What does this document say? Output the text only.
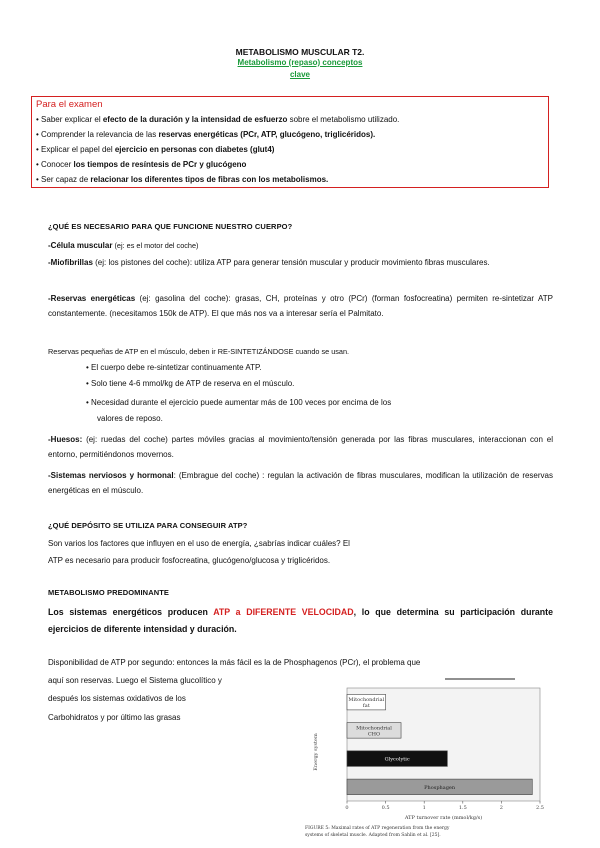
METABOLISMO MUSCULAR T2.
Metabolismo (repaso) conceptos
clave
Para el examen
• Saber explicar el efecto de la duración y la intensidad de esfuerzo sobre el metabolismo utilizado.
• Comprender la relevancia de las reservas energéticas (PCr, ATP, glucógeno, triglicéridos).
• Explicar el papel del ejercicio en personas con diabetes (glut4)
• Conocer los tiempos de resíntesis de PCr y glucógeno
• Ser capaz de relacionar los diferentes tipos de fibras con los metabolismos.
¿QUÉ ES NECESARIO PARA QUE FUNCIONE NUESTRO CUERPO?
-Célula muscular (ej: es el motor del coche)
-Miofibrillas (ej: los pistones del coche): utiliza ATP para generar tensión muscular y producir movimiento fibras musculares.
-Reservas energéticas (ej: gasolina del coche): grasas, CH, proteínas y otro (PCr) (forman fosfocreatina) permiten re-sintetizar ATP constantemente. (necesitamos 150k de ATP). El que más nos va a interesar sería el Palmitato.
Reservas pequeñas de ATP en el músculo, deben ir RE-SINTETIZÁNDOSE cuando se usan.
• El cuerpo debe re-sintetizar continuamente ATP.
• Solo tiene 4-6 mmol/kg de ATP de reserva en el músculo.
• Necesidad durante el ejercicio puede aumentar más de 100 veces por encima de los
valores de reposo.
-Huesos: (ej: ruedas del coche) partes móviles gracias al movimiento/tensión generada por las fibras musculares, interaccionan con el entorno, permitiéndonos movernos.
-Sistemas nerviosos y hormonal: (Embrague del coche) : regulan la activación de fibras musculares, modifican la utilización de reservas energéticas en el músculo.
¿QUÉ DEPÓSITO SE UTILIZA PARA CONSEGUIR ATP?
Son varios los factores que influyen en el uso de energía, ¿sabrías indicar cuáles? El
ATP es necesario para producir fosfocreatina, glucógeno/glucosa y triglicéridos.
METABOLISMO PREDOMINANTE
Los sistemas energéticos producen ATP a DIFERENTE VELOCIDAD, lo que determina su participación durante ejercicios de diferente intensidad y duración.
Disponibilidad de ATP por segundo: entonces la más fácil es la de Phosphagenos (PCr), el problema que
aquí son reservas. Luego el Sistema glucolítico y
después los sistemas oxidativos de los
Carbohidratos y por último las grasas
Energy system
Mitochondrial
fat
Mitochondrial
CHO
Glycolytic
Phosphagen
0	0.5	1	1.5	2	2.5
FIGURE 5: Maximal rates of ATP regeneration from the energy
systems of skeletal muscle. Adapted from Sahlin et al. [25].
ATP turnover rate (mmol/kg/s)
